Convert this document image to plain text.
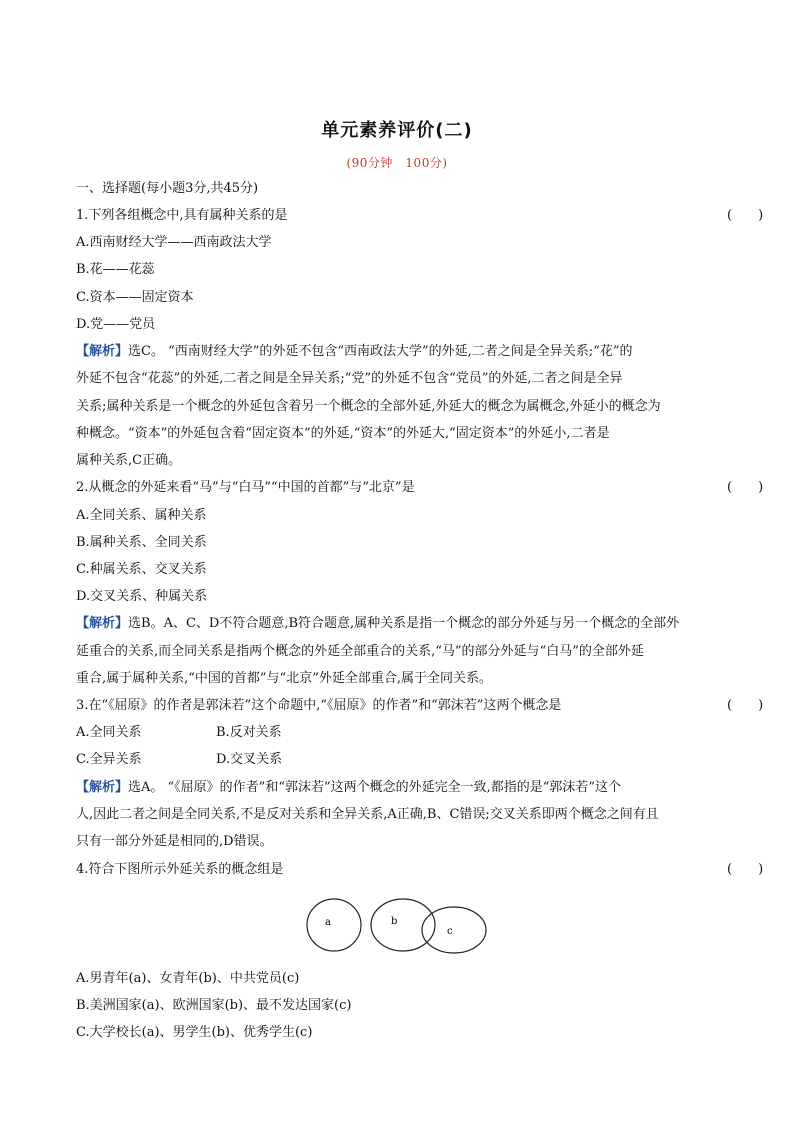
单元素养评价(二)
(90分钟　100分)
一、选择题(每小题3分,共45分)
1.下列各组概念中,具有属种关系的是	(　　)
A.西南财经大学——西南政法大学
B.花——花蕊
C.资本——固定资本
D.党——党员
【解析】选C。 “西南财经大学”的外延不包含“西南政法大学”的外延,二者之间是全异关系;“花”的
外延不包含“花蕊”的外延,二者之间是全异关系;“党”的外延不包含“党员”的外延,二者之间是全异
关系;属种关系是一个概念的外延包含着另一个概念的全部外延,外延大的概念为属概念,外延小的概念为
种概念。“资本”的外延包含着“固定资本”的外延,“资本”的外延大,“固定资本”的外延小,二者是
属种关系,C正确。
2.从概念的外延来看“马”与“白马”“中国的首都”与“北京”是	(　　)
A.全同关系、属种关系
B.属种关系、全同关系
C.种属关系、交叉关系
D.交叉关系、种属关系
【解析】选B。A、C、D不符合题意,B符合题意,属种关系是指一个概念的部分外延与另一个概念的全部外
延重合的关系,而全同关系是指两个概念的外延全部重合的关系,“马”的部分外延与“白马”的全部外延
重合,属于属种关系,“中国的首都”与“北京”外延全部重合,属于全同关系。
3.在“《屈原》的作者是郭沫若”这个命题中,“《屈原》的作者”和“郭沫若”这两个概念是	(　　)
A.全同关系	B.反对关系
C.全异关系	D.交叉关系
【解析】选A。 “《屈原》的作者”和“郭沫若”这两个概念的外延完全一致,都指的是“郭沫若”这个
人,因此二者之间是全同关系,不是反对关系和全异关系,A正确,B、C错误;交叉关系即两个概念之间有且
只有一部分外延是相同的,D错误。
4.符合下图所示外延关系的概念组是	(　　)
a	b
c
A.男青年(a)、女青年(b)、中共党员(c)
B.美洲国家(a)、欧洲国家(b)、最不发达国家(c)
C.大学校长(a)、男学生(b)、优秀学生(c)
